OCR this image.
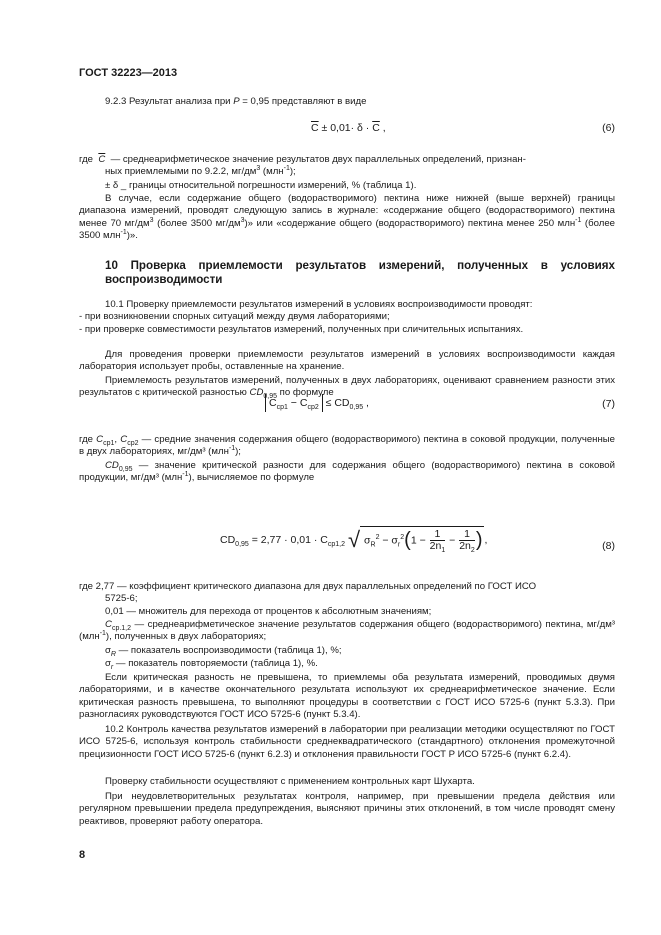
ГОСТ 32223—2013
9.2.3 Результат анализа при P = 0,95 представляют в виде
$\overline{C} \pm 0,01\cdot \delta \cdot \overline{C}$ ,	(6)
где  $\overline{C}$  — среднеарифметическое значение результатов двух параллельных определений, признан-
ных приемлемыми по 9.2.2, $мг/дм^3$ (млн$^{-1}$);
± δ _ границы относительной погрешности измерений, % (таблица 1).
В случае, если содержание общего (водорастворимого) пектина ниже нижней (выше верхней) границы диапазона измерений, проводят следующую запись в журнале: «содержание общего (водорастворимого) пектина менее 70 $мг/дм^3$ (более 3500 $мг/дм^3$)» или «содержание общего (водорастворимого) пектина менее 250 млн$^{-1}$ (более 3500 млн$^{-1}$)».
10 Проверка приемлемости результатов измерений, полученных в условиях воспроизводимости
10.1 Проверку приемлемости результатов измерений в условиях воспроизводимости проводят:
- при возникновении спорных ситуаций между двумя лабораториями;
- при проверке совместимости результатов измерений, полученных при сличительных испытаниях.
Для проведения проверки приемлемости результатов измерений в условиях воспроизводимости каждая лаборатория использует пробы, оставленные на хранение.
Приемлемость результатов измерений, полученных в двух лабораториях, оценивают сравнением разности этих результатов с критической разностью $CD_{0,95}$ по формуле
$C_{ср1} - C_{ср2} \le CD_{0,95}$ ,	(7)
где $C_{ср1}$, $C_{ср2}$ — средние значения содержания общего (водорастворимого) пектина в соковой продукции, полученные в двух лабораториях, мг/дм³ (млн$^{-1}$);
$CD_{0,95}$ — значение критической разности для содержания общего (водорастворимого) пектина в соковой продукции, мг/дм³ (млн$^{-1}$), вычисляемое по формуле
$CD_{0,95} = 2,77 \cdot 0,01 \cdot C_{ср1,2}$ √ $\sigma_R^2 - \sigma_r^2(1 - \frac{1}{2n_1} - \frac{1}{2n_2}$ ) ,
(8)
где 2,77 — коэффициент критического диапазона для двух параллельных определений по ГОСТ ИСО
5725-6;
0,01 — множитель для перехода от процентов к абсолютным значениям;
$C_{ср.1,2}$ — среднеарифметическое значение результатов содержания общего (водорастворимого) пектина, мг/дм³ (млн$^{-1}$), полученных в двух лабораториях;
$\sigma_R$ — показатель воспроизводимости (таблица 1), %;
$\sigma_r$ — показатель повторяемости (таблица 1), %.
Если критическая разность не превышена, то приемлемы оба результата измерений, проводимых двумя лабораториями, и в качестве окончательного результата используют их среднеарифметическое значение. Если критическая разность превышена, то выполняют процедуры в соответствии с ГОСТ ИСО 5725-6 (пункт 5.3.3). При разногласиях руководствуются ГОСТ ИСО 5725-6 (пункт 5.3.4).
10.2 Контроль качества результатов измерений в лаборатории при реализации методики осуществляют по ГОСТ ИСО 5725-6, используя контроль стабильности среднеквадратического (стандартного) отклонения промежуточной прецизионности ГОСТ ИСО 5725-6 (пункт 6.2.3) и отклонения правильности ГОСТ Р ИСО 5725-6 (пункт 6.2.4).
Проверку стабильности осуществляют с применением контрольных карт Шухарта.
При неудовлетворительных результатах контроля, например, при превышении предела действия или регулярном превышении предела предупреждения, выясняют причины этих отклонений, в том числе проводят смену реактивов, проверяют работу оператора.
8
